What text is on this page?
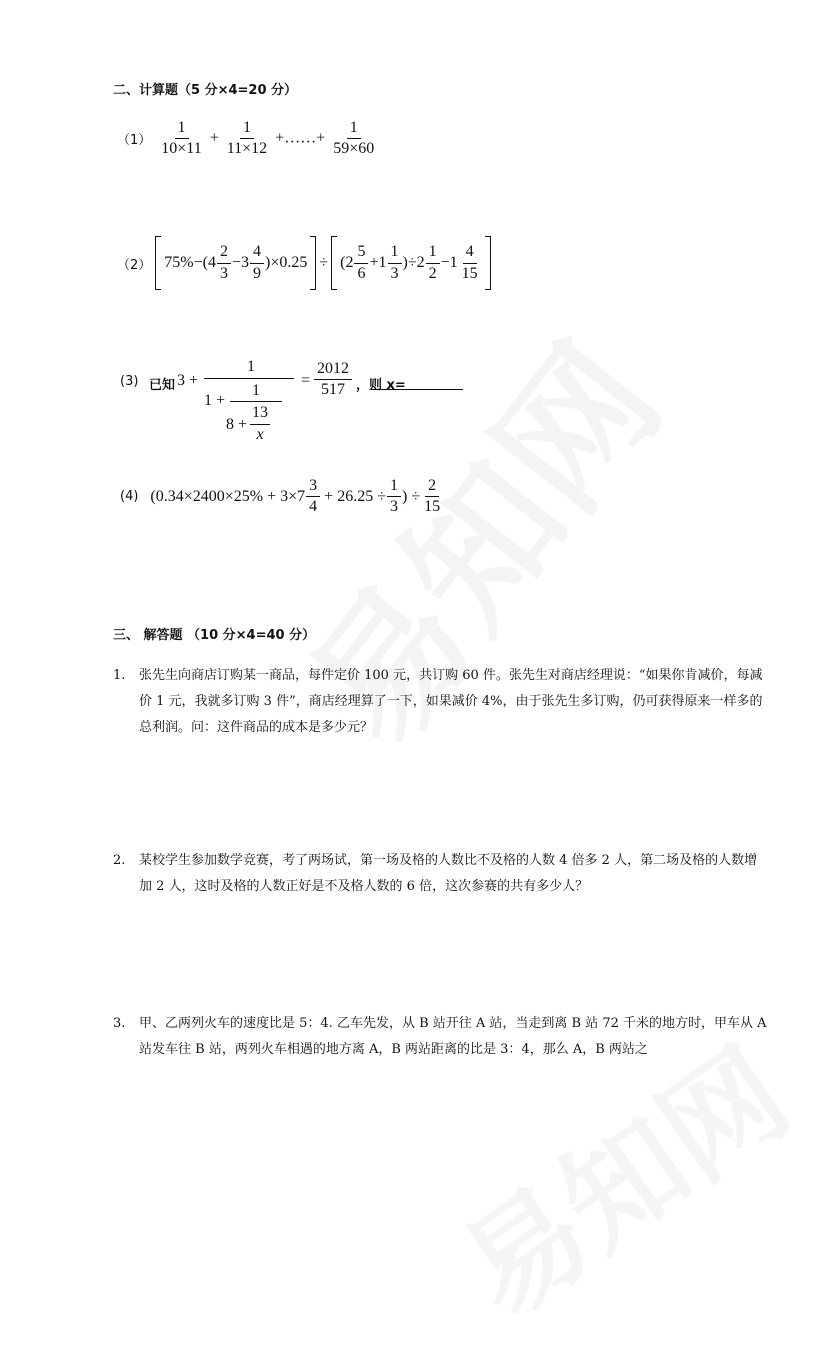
二、计算题（5 分×4=20 分）
$(1) \frac{1}{10\times 11} + \frac{1}{11\times 12}$ +……+ $\frac{1}{59\times 60}$
（2） $75\% -(4 \frac{2}{3} -3 \frac{4}{9} )\times 0.25 \div (2 \frac{5}{6} +1 \frac{1}{3} )\div 2 \frac{1}{2} -1 \frac{4}{15}$
(3) 已知 3 +
1
1 +
1
8 +
13
x
= $\frac{2012}{517}$ ，则 x=
(4) ($0.34\times 2400\times 25\% + 3\times 7 \frac{3}{4} + 26.25 \div \frac{1}{3}$ ) ÷ $\frac{2}{15}$
三、 解答题 （10 分×4=40 分）
1. 张先生向商店订购某一商品，每件定价 100 元，共订购 60 件。张先生对商店经理说：“如果你肯减价，每减价 1 元，我就多订购 3 件”，商店经理算了一下，如果减价 4%，由于张先生多订购，仍可获得原来一样多的总利润。问：这件商品的成本是多少元？
2. 某校学生参加数学竞赛，考了两场试，第一场及格的人数比不及格的人数 4 倍多 2 人，第二场及格的人数增加 2 人，这时及格的人数正好是不及格人数的 6 倍，这次参赛的共有多少人？
3. 甲、乙两列火车的速度比是 5：4. 乙车先发，从 B 站开往 A 站，当走到离 B 站 72 千米的地方时，甲车从 A 站发车往 B 站，两列火车相遇的地方离 A，B 两站距离的比是 3：4，那么 A，B 两站之
